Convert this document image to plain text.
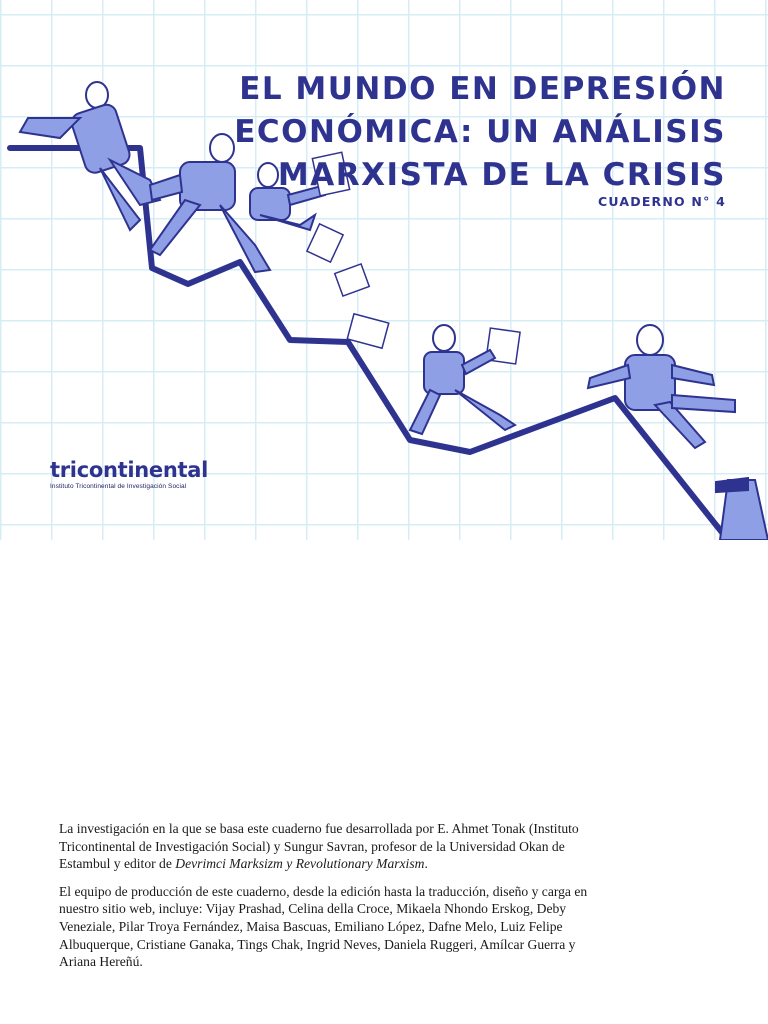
EL MUNDO EN DEPRESIÓN
ECONÓMICA: UN ANÁLISIS
MARXISTA DE LA CRISIS
CUADERNO N° 4
tricontinental
Instituto Tricontinental de Investigación Social

La investigación en la que se basa este cuaderno fue desarrollada por E. Ahmet Tonak (Instituto Tricontinental de Investigación Social) y Sungur Savran, profesor de la Universidad Okan de Estambul y editor de Devrimci Marksizm y Revolutionary Marxism.

El equipo de producción de este cuaderno, desde la edición hasta la traducción, diseño y carga en nuestro sitio web, incluye: Vijay Prashad, Celina della Croce, Mikaela Nhondo Erskog, Deby Veneziale, Pilar Troya Fernández, Maisa Bascuas, Emiliano López, Dafne Melo, Luiz Felipe Albuquerque, Cristiane Ganaka, Tings Chak, Ingrid Neves, Daniela Ruggeri, Amílcar Guerra y Ariana Hereñú.
